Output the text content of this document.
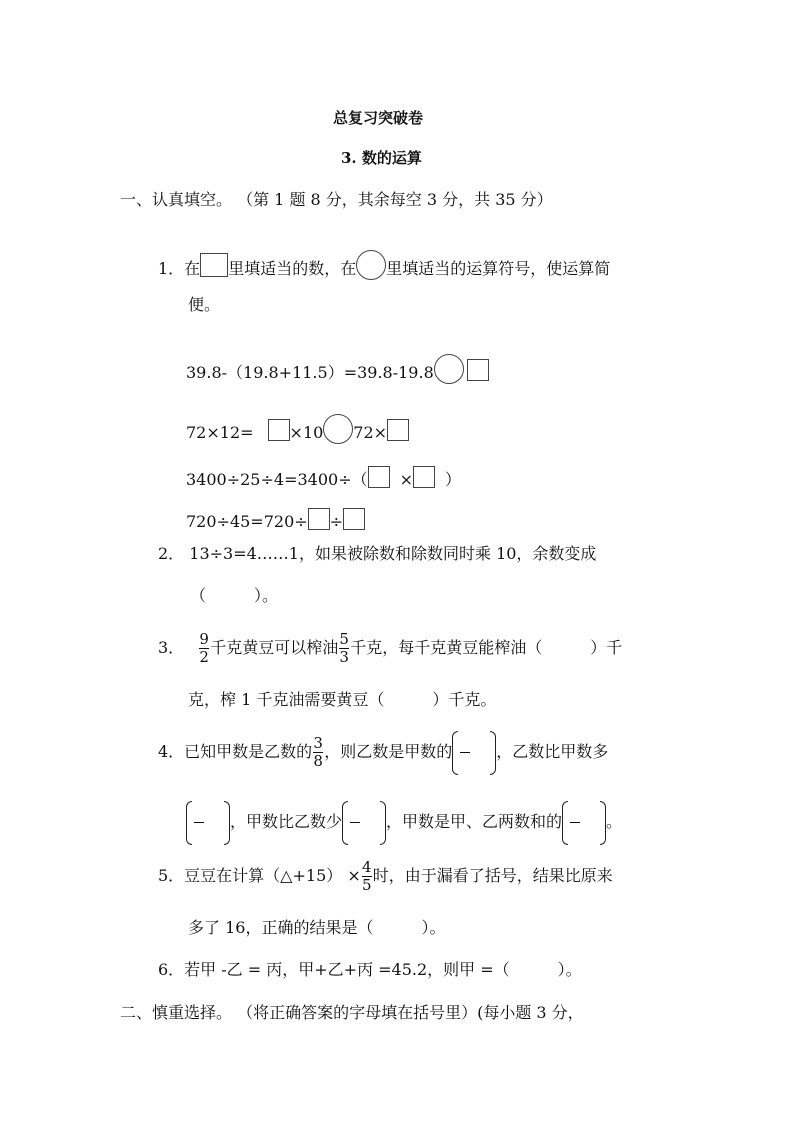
总复习突破卷
3. 数的运算
一、认真填空。 （第 1 题 8 分，其余每空 3 分，共 35 分）
1．在 里填适当的数，在 里填适当的运算符号，使运算简
便。
39.8-（19.8+11.5）=39.8-19.8
72×12= ×10 72×
3400÷25÷4=3400÷（ × ）
720÷45=720÷ ÷
2． 13÷3=4……1，如果被除数和除数同时乘 10，余数变成
（　　　）。
3． $\frac{9}{2}$ 千克黄豆可以榨油 $\frac{5}{3}$ 千克，每千克黄豆能榨油（　　　）千
克，榨 1 千克油需要黄豆（　　　）千克。
4．已知甲数是乙数的 $\frac{3}{8}$ ，则乙数是甲数的	，乙数比甲数多
，甲数比乙数少	，甲数是甲、乙两数和的	。
5．豆豆在计算（△+15） × $\frac{4}{5}$ 时，由于漏看了括号，结果比原来
多了 16，正确的结果是（　　　）。
6．若甲 -乙 = 丙，甲+乙+丙 =45.2，则甲 =（　　　）。
二、慎重选择。 （将正确答案的字母填在括号里）(每小题 3 分，
